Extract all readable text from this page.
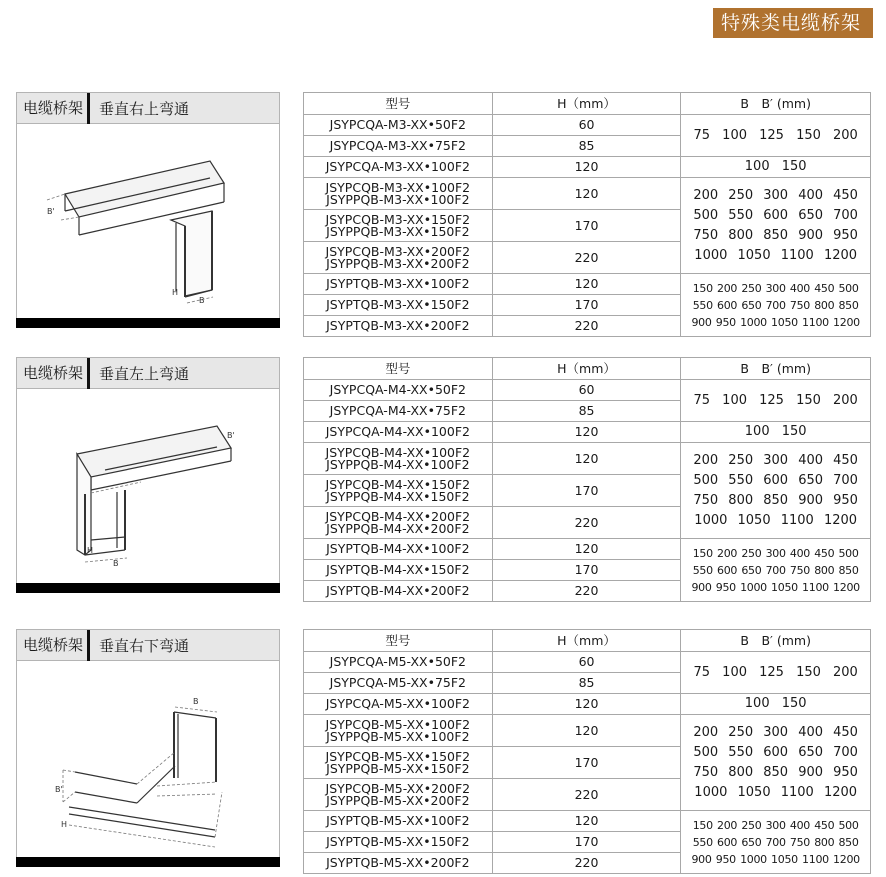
特殊类电缆桥架
电缆桥架	垂直右上弯通
B'
H
B
型号	H（mm）	B　B′ (mm)
JSYPCQA-M3-XX•50F2	60	75 100 125 150 200
JSYPCQA-M3-XX•75F2	85	
JSYPCQA-M3-XX•100F2	120	100 150

JSYPCQB-M3-XX•100F2
JSYPPQB-M3-XX•100F2	120	200 250 300 400 450
500 550 600 650 700
750 800 850 900 950
1000 1050 1100 1200

JSYPCQB-M3-XX•150F2
JSYPPQB-M3-XX•150F2	170	

JSYPCQB-M3-XX•200F2
JSYPPQB-M3-XX•200F2	220	
JSYPTQB-M3-XX•100F2	120	150 200 250 300 400 450 500
550 600 650 700 750 800 850
900 950 1000 1050 1100 1200

JSYPTQB-M3-XX•150F2	170	
JSYPTQB-M3-XX•200F2	220	
电缆桥架	垂直左上弯通
B'
H
B
型号	H（mm）	B　B′ (mm)
JSYPCQA-M4-XX•50F2	60	75 100 125 150 200
JSYPCQA-M4-XX•75F2	85	
JSYPCQA-M4-XX•100F2	120	100 150

JSYPCQB-M4-XX•100F2
JSYPPQB-M4-XX•100F2	120	200 250 300 400 450
500 550 600 650 700
750 800 850 900 950
1000 1050 1100 1200

JSYPCQB-M4-XX•150F2
JSYPPQB-M4-XX•150F2	170	

JSYPCQB-M4-XX•200F2
JSYPPQB-M4-XX•200F2	220	
JSYPTQB-M4-XX•100F2	120	150 200 250 300 400 450 500
550 600 650 700 750 800 850
900 950 1000 1050 1100 1200

JSYPTQB-M4-XX•150F2	170	
JSYPTQB-M4-XX•200F2	220	
电缆桥架	垂直右下弯通
B
B'
H
型号	H（mm）	B　B′ (mm)
JSYPCQA-M5-XX•50F2	60	75 100 125 150 200
JSYPCQA-M5-XX•75F2	85	
JSYPCQA-M5-XX•100F2	120	100 150

JSYPCQB-M5-XX•100F2
JSYPPQB-M5-XX•100F2	120	200 250 300 400 450
500 550 600 650 700
750 800 850 900 950
1000 1050 1100 1200

JSYPCQB-M5-XX•150F2
JSYPPQB-M5-XX•150F2	170	

JSYPCQB-M5-XX•200F2
JSYPPQB-M5-XX•200F2	220	
JSYPTQB-M5-XX•100F2	120	150 200 250 300 400 450 500
550 600 650 700 750 800 850
900 950 1000 1050 1100 1200

JSYPTQB-M5-XX•150F2	170	
JSYPTQB-M5-XX•200F2	220	
